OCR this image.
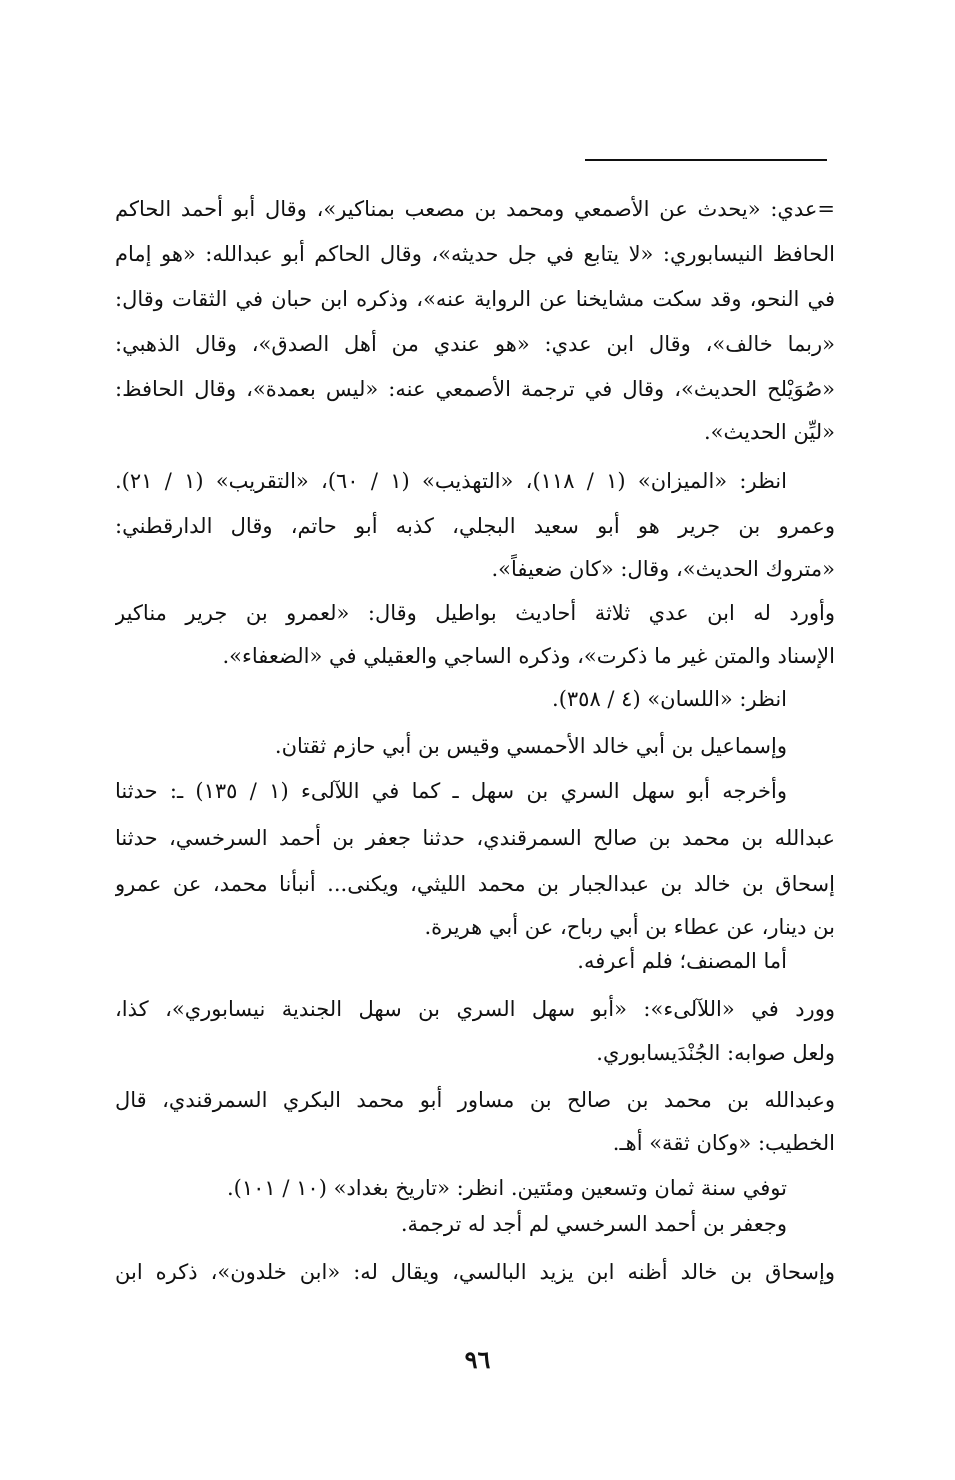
=عدي: «يحدث عن الأصمعي ومحمد بن مصعب بمناكير»، وقال أبو أحمد الحاكم
الحافظ النيسابوري: «لا يتابع في جل حديثه»، وقال الحاكم أبو عبدالله: «هو إمام
في النحو، وقد سكت مشايخنا عن الرواية عنه»، وذكره ابن حبان في الثقات وقال:
«ربما خالف»، وقال ابن عدي: «هو عندي من أهل الصدق»، وقال الذهبي:
«صُوَيْلح الحديث»، وقال في ترجمة الأصمعي عنه: «ليس بعمدة»، وقال الحافظ:
«ليِّن الحديث».
انظر: «الميزان» (١ / ١١٨)، «التهذيب» (١ / ٦٠)، «التقريب» (١ / ٢١).
وعمرو بن جرير هو أبو سعيد البجلي، كذبه أبو حاتم، وقال الدارقطني:
«متروك الحديث»، وقال: «كان ضعيفاً».
وأورد له ابن عدي ثلاثة أحاديث بواطيل وقال: «لعمرو بن جرير مناكير
الإسناد والمتن غير ما ذكرت»، وذكره الساجي والعقيلي في «الضعفاء».
انظر: «اللسان» (٤ / ٣٥٨).
وإسماعيل بن أبي خالد الأحمسي وقيس بن أبي حازم ثقتان.
وأخرجه أبو سهل السري بن سهل ـ كما في اللآلىء (١ / ١٣٥) ـ: حدثنا
عبدالله بن محمد بن صالح السمرقندي، حدثنا جعفر بن أحمد السرخسي، حدثنا
إسحاق بن خالد بن عبدالجبار بن محمد الليثي، ويكنى... أنبأنا محمد، عن عمرو
بن دينار، عن عطاء بن أبي رباح، عن أبي هريرة.
أما المصنف؛ فلم أعرفه.
وورد في «اللآلىء»: «أبو سهل السري بن سهل الجندية نيسابوري»، كذا،
ولعل صوابه: الجُنْدَيسابوري.
وعبدالله بن محمد بن صالح بن مساور أبو محمد البكري السمرقندي، قال
الخطيب: «وكان ثقة» أهـ.
توفي سنة ثمان وتسعين ومئتين. انظر: «تاريخ بغداد» (١٠ / ١٠١).
وجعفر بن أحمد السرخسي لم أجد له ترجمة.
وإسحاق بن خالد أظنه ابن يزيد البالسي، ويقال له: «ابن خلدون»، ذكره ابن
٩٦
